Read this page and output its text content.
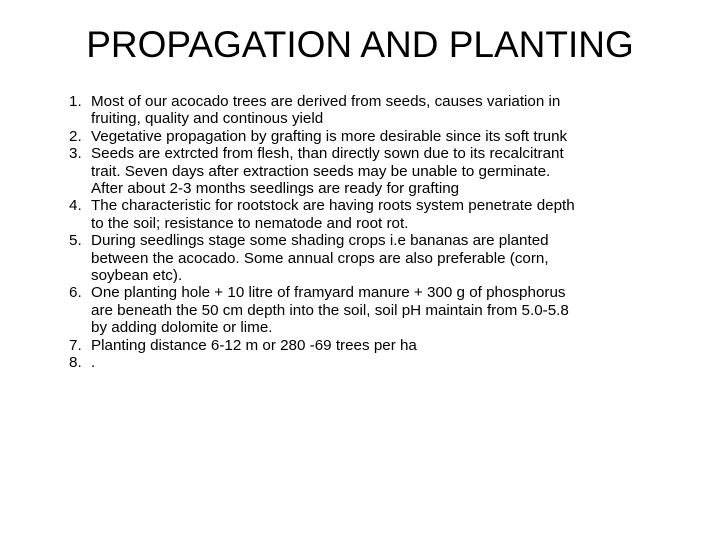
PROPAGATION AND PLANTING
1. Most of our acocado trees are derived from seeds, causes variation in
fruiting, quality and continous yield
2. Vegetative propagation by grafting is more desirable since its soft trunk
3. Seeds are extrcted from flesh, than directly sown due to its recalcitrant
trait. Seven days after extraction seeds may be unable to germinate.
After about 2-3 months seedlings are ready for grafting
4. The characteristic for rootstock are having roots system penetrate depth
to the soil; resistance to nematode and root rot.
5. During seedlings stage some shading crops i.e bananas are planted
between the acocado. Some annual crops are also preferable (corn,
soybean etc).
6. One planting hole + 10 litre of framyard manure + 300 g of phosphorus
are beneath the 50 cm depth into the soil, soil pH maintain from 5.0-5.8
by adding dolomite or lime.
7. Planting distance 6-12 m or 280 -69 trees per ha
8. .
